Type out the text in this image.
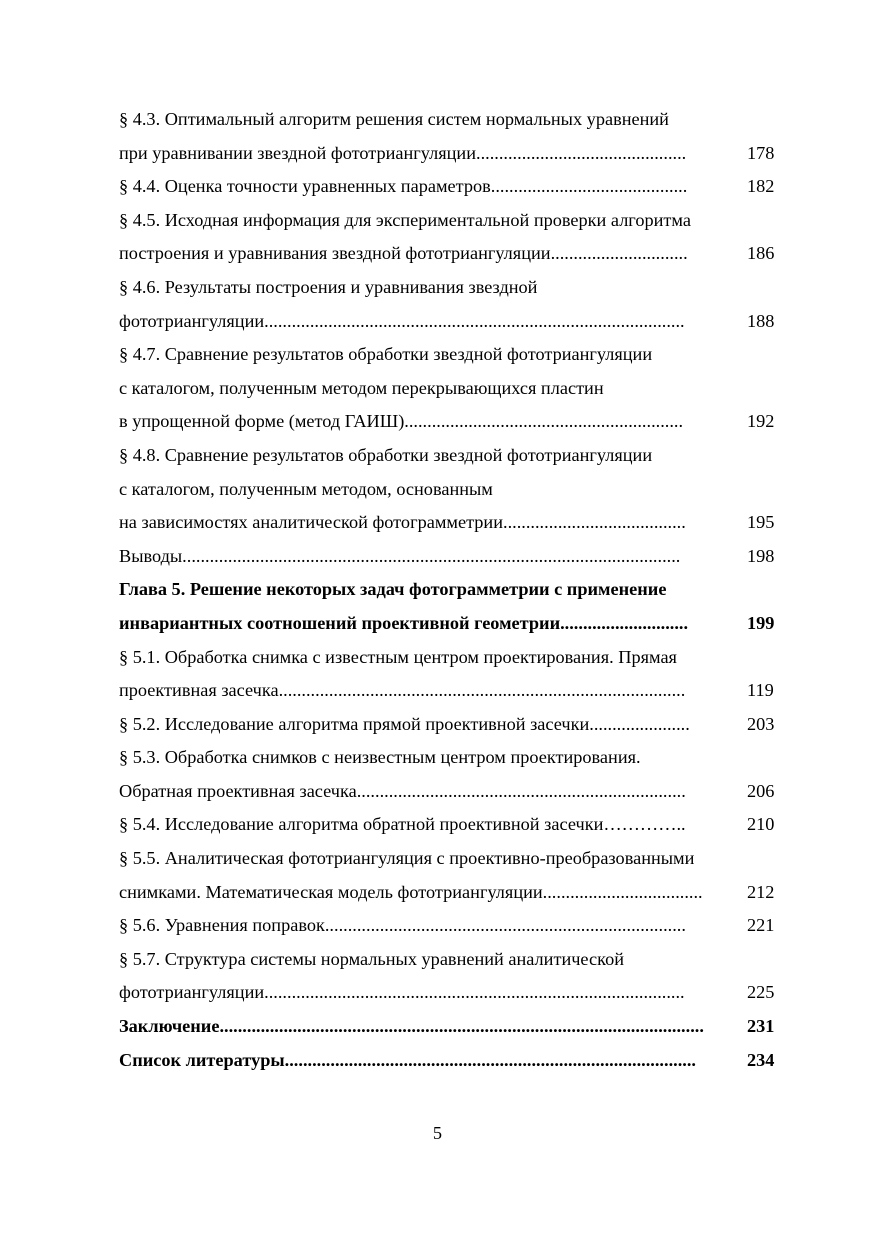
§ 4.3. Оптимальный алгоритм решения систем нормальных уравнений
при уравнивании звездной фототриангуляции..............................................	178
§ 4.4. Оценка точности уравненных параметров...........................................	182
§ 4.5. Исходная информация для экспериментальной проверки алгоритма
построения и уравнивания звездной фототриангуляции..............................	186
§ 4.6. Результаты построения и уравнивания звездной
фототриангуляции............................................................................................	188
§ 4.7. Сравнение результатов обработки звездной фототриангуляции
с каталогом, полученным методом перекрывающихся пластин
в упрощенной форме (метод ГАИШ).............................................................	192
§ 4.8. Сравнение результатов обработки звездной фототриангуляции
с каталогом, полученным методом, основанным
на зависимостях аналитической фотограмметрии........................................	195
Выводы.............................................................................................................	198
Глава 5. Решение некоторых задач фотограмметрии с применение
инвариантных соотношений проективной геометрии............................	199
§ 5.1. Обработка снимка с известным центром проектирования. Прямая
проективная засечка.........................................................................................	119
§ 5.2. Исследование алгоритма прямой проективной засечки......................	203
§ 5.3. Обработка снимков с неизвестным центром проектирования.
Обратная проективная засечка........................................................................	206
§ 5.4. Исследование алгоритма обратной проективной засечки…………..	210
§ 5.5. Аналитическая фототриангуляция с проективно-преобразованными
снимками. Математическая модель фототриангуляции................................... 212
§ 5.6. Уравнения поправок...............................................................................	221
§ 5.7. Структура системы нормальных уравнений аналитической
фототриангуляции............................................................................................	225
Заключение.......................................................................................................... 231
Список литературы..........................................................................................	234
5
